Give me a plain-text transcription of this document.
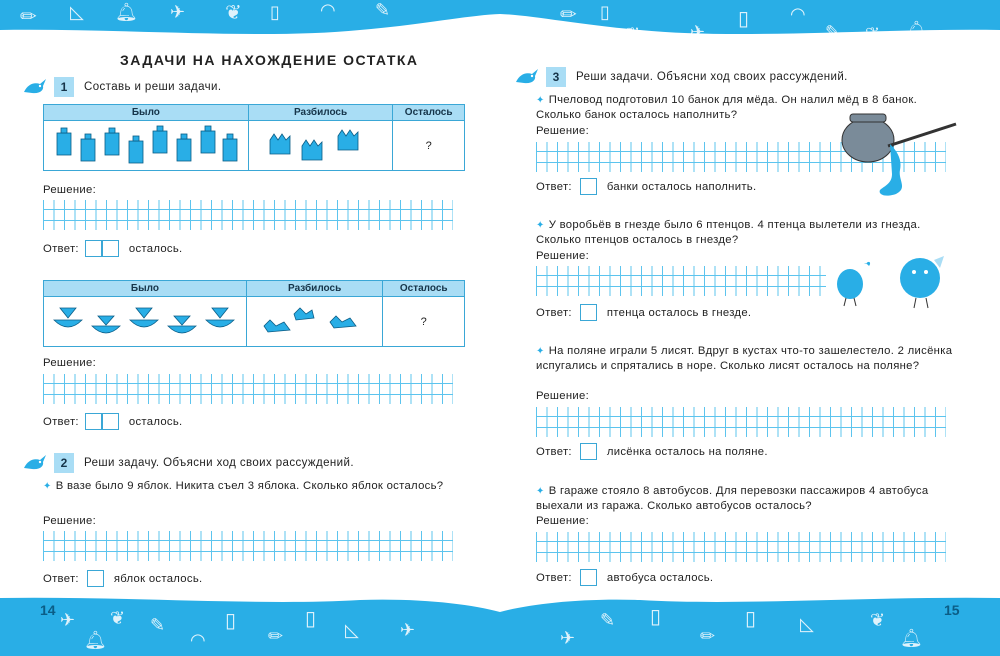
✏ ◺ 🔔︎ ✈ ❦ ▯ ◠ ✎	✏ ▯
❦	✈
▯ ◠
✎ ❦ 🔔︎ ✏
✈
🔔︎
❦ ✎
◠
▯
✏
▯
◺ ✈	✈
✎ ▯
✏
▯ ◺	❦
🔔︎
14	15
ЗАДАЧИ НА НАХОЖДЕНИЕ ОСТАТКА
1	Составь и реши задачи.
Было	Разбилось	Осталось
		?
Решение:
Ответ:	осталось.
Было	Разбилось	Осталось
		?
Решение:
Ответ:	осталось.
2	Реши задачу. Объясни ход своих рассуждений.
✦ В вазе было 9 яблок. Никита съел 3 яблока. Сколько яблок осталось?
Решение:
Ответ:	яблок осталось.
3	Реши задачи. Объясни ход своих рассуждений.
✦ Пчеловод подготовил 10 банок для мёда. Он налил мёд в 8 банок. Сколько банок осталось наполнить?
Решение:
Ответ:	банки осталось наполнить.
✦ У воробьёв в гнезде было 6 птенцов. 4 птенца вылетели из гнезда. Сколько птенцов осталось в гнезде?
Решение:
Ответ:	птенца осталось в гнезде.
✦ На поляне играли 5 лисят. Вдруг в кустах что-то зашелестело. 2 лисёнка испугались и спрятались в норе. Сколько лисят осталось на поляне?
Решение:
Ответ:	лисёнка осталось на поляне.
✦ В гараже стояло 8 автобусов. Для перевозки пассажиров 4 автобуса выехали из гаража. Сколько автобусов осталось?
Решение:
Ответ:	автобуса осталось.
